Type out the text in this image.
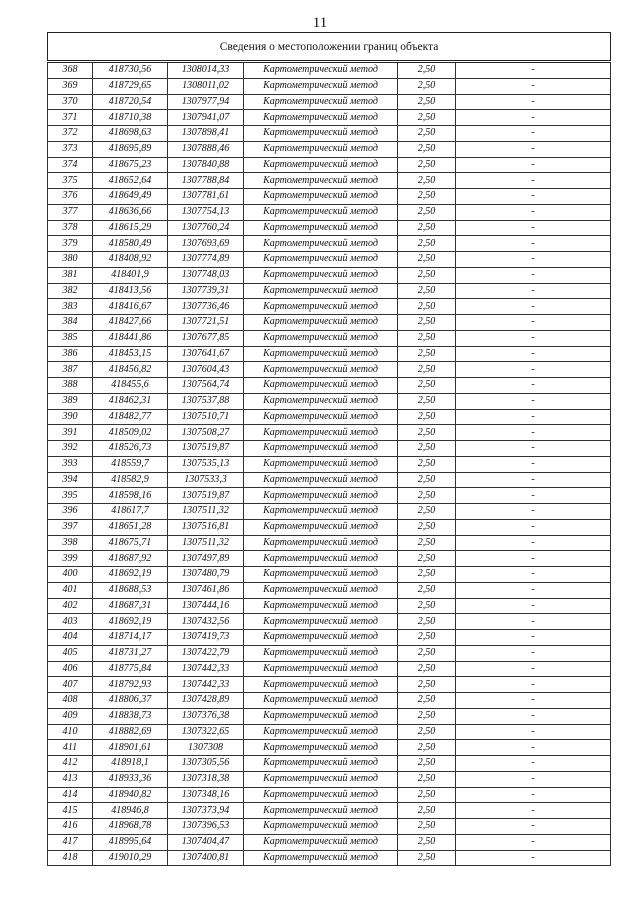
11
Сведения о местоположении границ объекта					
368	418730,56	1308014,33	Картометрический метод	2,50	-
369	418729,65	1308011,02	Картометрический метод	2,50	-
370	418720,54	1307977,94	Картометрический метод	2,50	-
371	418710,38	1307941,07	Картометрический метод	2,50	-
372	418698,63	1307898,41	Картометрический метод	2,50	-
373	418695,89	1307888,46	Картометрический метод	2,50	-
374	418675,23	1307840,88	Картометрический метод	2,50	-
375	418652,64	1307788,84	Картометрический метод	2,50	-
376	418649,49	1307781,61	Картометрический метод	2,50	-
377	418636,66	1307754,13	Картометрический метод	2,50	-
378	418615,29	1307760,24	Картометрический метод	2,50	-
379	418580,49	1307693,69	Картометрический метод	2,50	-
380	418408,92	1307774,89	Картометрический метод	2,50	-
381	418401,9	1307748,03	Картометрический метод	2,50	-
382	418413,56	1307739,31	Картометрический метод	2,50	-
383	418416,67	1307736,46	Картометрический метод	2,50	-
384	418427,66	1307721,51	Картометрический метод	2,50	-
385	418441,86	1307677,85	Картометрический метод	2,50	-
386	418453,15	1307641,67	Картометрический метод	2,50	-
387	418456,82	1307604,43	Картометрический метод	2,50	-
388	418455,6	1307564,74	Картометрический метод	2,50	-
389	418462,31	1307537,88	Картометрический метод	2,50	-
390	418482,77	1307510,71	Картометрический метод	2,50	-
391	418509,02	1307508,27	Картометрический метод	2,50	-
392	418526,73	1307519,87	Картометрический метод	2,50	-
393	418559,7	1307535,13	Картометрический метод	2,50	-
394	418582,9	1307533,3	Картометрический метод	2,50	-
395	418598,16	1307519,87	Картометрический метод	2,50	-
396	418617,7	1307511,32	Картометрический метод	2,50	-
397	418651,28	1307516,81	Картометрический метод	2,50	-
398	418675,71	1307511,32	Картометрический метод	2,50	-
399	418687,92	1307497,89	Картометрический метод	2,50	-
400	418692,19	1307480,79	Картометрический метод	2,50	-
401	418688,53	1307461,86	Картометрический метод	2,50	-
402	418687,31	1307444,16	Картометрический метод	2,50	-
403	418692,19	1307432,56	Картометрический метод	2,50	-
404	418714,17	1307419,73	Картометрический метод	2,50	-
405	418731,27	1307422,79	Картометрический метод	2,50	-
406	418775,84	1307442,33	Картометрический метод	2,50	-
407	418792,93	1307442,33	Картометрический метод	2,50	-
408	418806,37	1307428,89	Картометрический метод	2,50	-
409	418838,73	1307376,38	Картометрический метод	2,50	-
410	418882,69	1307322,65	Картометрический метод	2,50	-
411	418901,61	1307308	Картометрический метод	2,50	-
412	418918,1	1307305,56	Картометрический метод	2,50	-
413	418933,36	1307318,38	Картометрический метод	2,50	-
414	418940,82	1307348,16	Картометрический метод	2,50	-
415	418946,8	1307373,94	Картометрический метод	2,50	-
416	418968,78	1307396,53	Картометрический метод	2,50	-
417	418995,64	1307404,47	Картометрический метод	2,50	-
418	419010,29	1307400,81	Картометрический метод	2,50	-
